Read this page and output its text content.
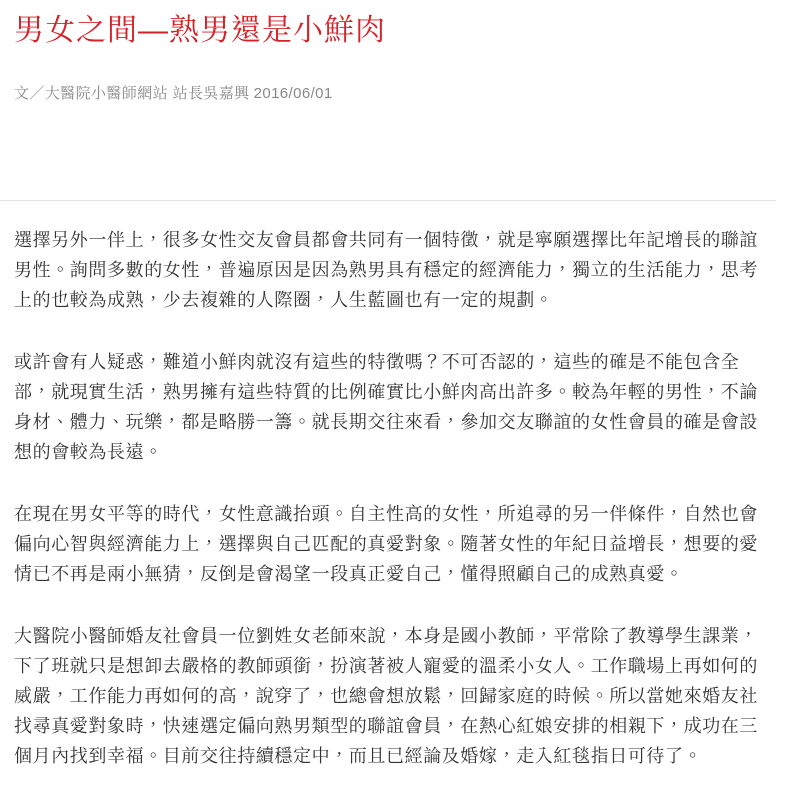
男女之間—熟男還是小鮮肉

文／大醫院小醫師網站 站長吳嘉興 2016/06/01

選擇另外一伴上，很多女性交友會員都會共同有一個特徵，就是寧願選擇比年記增長的聯誼男性。詢問多數的女性，普遍原因是因為熟男具有穩定的經濟能力，獨立的生活能力，思考上的也較為成熟，少去複雜的人際圈，人生藍圖也有一定的規劃。

或許會有人疑惑，難道小鮮肉就沒有這些的特徵嗎？不可否認的，這些的確是不能包含全部，就現實生活，熟男擁有這些特質的比例確實比小鮮肉高出許多。較為年輕的男性，不論身材、體力、玩樂，都是略勝一籌。就長期交往來看，參加交友聯誼的女性會員的確是會設想的會較為長遠。

在現在男女平等的時代，女性意識抬頭。自主性高的女性，所追尋的另一伴條件，自然也會偏向心智與經濟能力上，選擇與自己匹配的真愛對象。隨著女性的年紀日益增長，想要的愛情已不再是兩小無猜，反倒是會渴望一段真正愛自己，懂得照顧自己的成熟真愛。

大醫院小醫師婚友社會員一位劉姓女老師來說，本身是國小教師，平常除了教導學生課業，下了班就只是想卸去嚴格的教師頭銜，扮演著被人寵愛的溫柔小女人。工作職場上再如何的威嚴，工作能力再如何的高，說穿了，也總會想放鬆，回歸家庭的時候。所以當她來婚友社找尋真愛對象時，快速選定偏向熟男類型的聯誼會員，在熱心紅娘安排的相親下，成功在三個月內找到幸福。目前交往持續穩定中，而且已經論及婚嫁，走入紅毯指日可待了。
